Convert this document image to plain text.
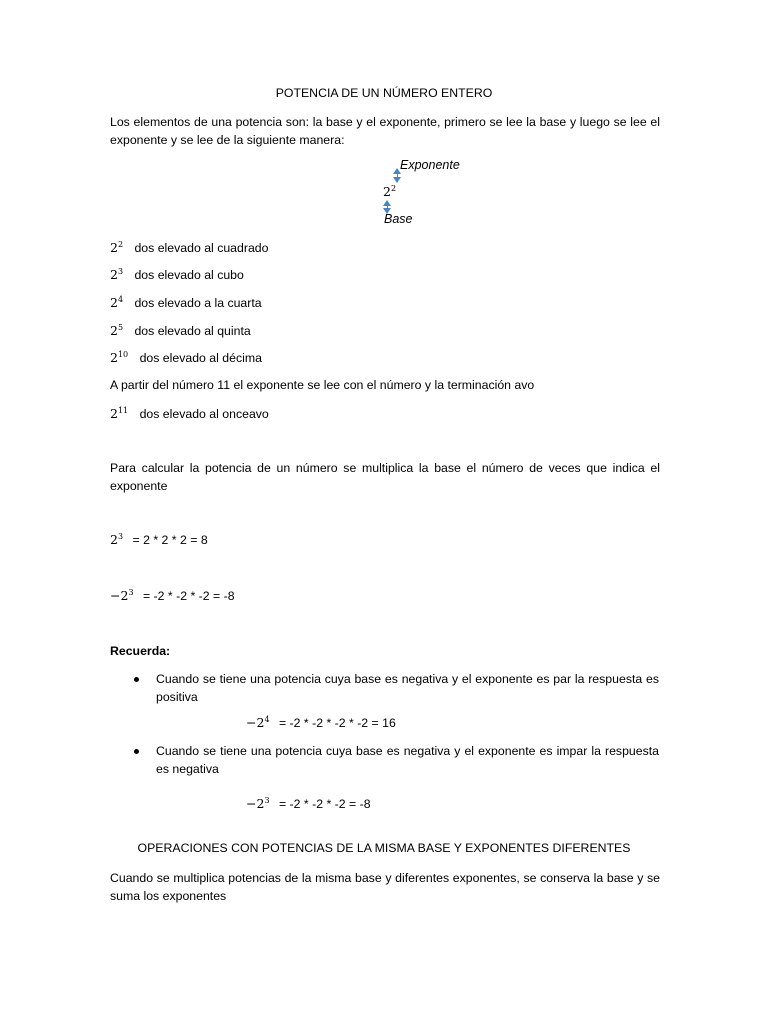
POTENCIA DE UN NÚMERO ENTERO
Los elementos de una potencia son: la base y el exponente, primero se lee la base y luego se lee el exponente y se lee de la siguiente manera:
Exponente
$2^2$
Base
$2^2$ dos elevado al cuadrado
$2^3$ dos elevado al cubo
$2^4$ dos elevado a la cuarta
$2^5$ dos elevado al quinta
$2^{10}$ dos elevado al décima
A partir del número 11 el exponente se lee con el número y la terminación avo
$2^{11}$ dos elevado al onceavo
Para calcular la potencia de un número se multiplica la base el número de veces que indica el exponente
$2^3 = 2 * 2 * 2 = 8$
$-2^3 = -2 * -2 * -2 = -8$
Recuerda:
Cuando se tiene una potencia cuya base es negativa y el exponente es par la respuesta es positiva
$-2^4 = -2 * -2 * -2 * -2 = 16$
Cuando se tiene una potencia cuya base es negativa y el exponente es impar la respuesta es negativa
$-2^3 = -2 * -2 * -2 = -8$
OPERACIONES CON POTENCIAS DE LA MISMA BASE Y EXPONENTES DIFERENTES
Cuando se multiplica potencias de la misma base y diferentes exponentes, se conserva la base y se suma los exponentes
